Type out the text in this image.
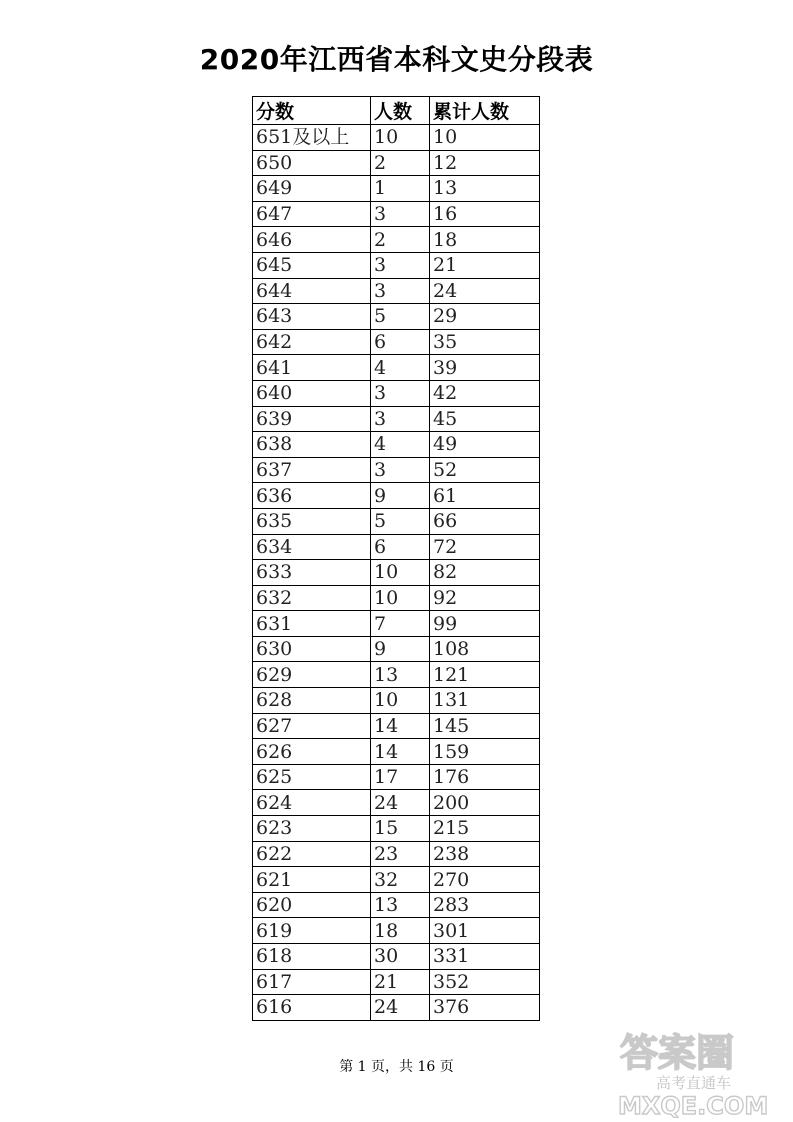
2020年江西省本科文史分段表
分数	人数	累计人数
651及以上	10	10
650	2	12
649	1	13
647	3	16
646	2	18
645	3	21
644	3	24
643	5	29
642	6	35
641	4	39
640	3	42
639	3	45
638	4	49
637	3	52
636	9	61
635	5	66
634	6	72
633	10	82
632	10	92
631	7	99
630	9	108
629	13	121
628	10	131
627	14	145
626	14	159
625	17	176
624	24	200
623	15	215
622	23	238
621	32	270
620	13	283
619	18	301
618	30	331
617	21	352
616	24	376
第 1 页，共 16 页	答案圈
高考直通车
MXQE.COM
